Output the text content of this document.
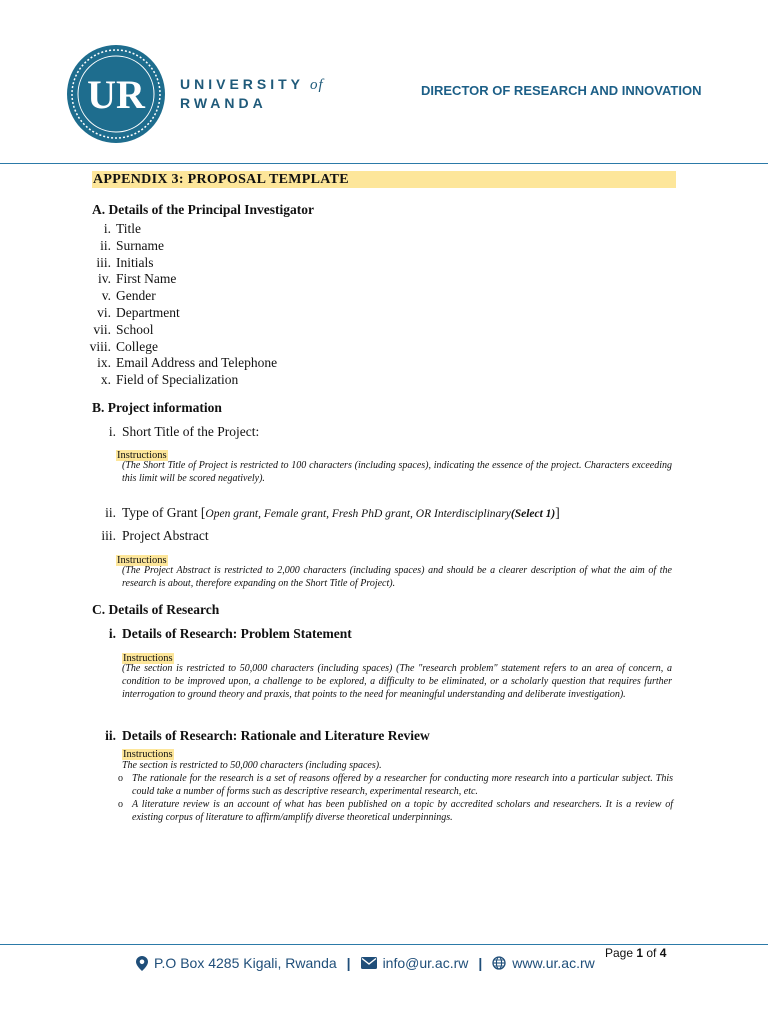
UR	UNIVERSITY of
RWANDA
DIRECTOR OF RESEARCH AND INNOVATION
APPENDIX 3: PROPOSAL TEMPLATE
A. Details of the Principal Investigator
i. Title
ii. Surname
iii. Initials
iv. First Name
v. Gender
vi. Department
vii. School
viii. College
ix. Email Address and Telephone
x. Field of Specialization
B. Project information
i. Short Title of the Project:
Instructions
(The Short Title of Project is restricted to 100 characters (including spaces), indicating the essence of the project. Characters exceeding this limit will be scored negatively).
ii. Type of Grant [ Open grant, Female grant, Fresh PhD grant, OR Interdisciplinary (Select 1) ]
iii. Project Abstract
Instructions
(The Project Abstract is restricted to 2,000 characters (including spaces) and should be a clearer description of what the aim of the research is about, therefore expanding on the Short Title of Project).
C. Details of Research
i. Details of Research: Problem Statement
Instructions
(The section is restricted to 50,000 characters (including spaces) (The "research problem" statement refers to an area of concern, a condition to be improved upon, a challenge to be explored, a difficulty to be eliminated, or a scholarly question that requires further interrogation to ground theory and praxis, that points to the need for meaningful understanding and deliberate investigation).
ii. Details of Research: Rationale and Literature Review
Instructions
The section is restricted to 50,000 characters (including spaces).
o The rationale for the research is a set of reasons offered by a researcher for conducting more research into a particular subject. This could take a number of forms such as descriptive research, experimental research, etc.
o A literature review is an account of what has been published on a topic by accredited scholars and researchers. It is a review of existing corpus of literature to affirm/amplify diverse theoretical underpinnings.
Page 1 of 4
P.O Box 4285 Kigali, Rwanda | info@ur.ac.rw | www.ur.ac.rw
